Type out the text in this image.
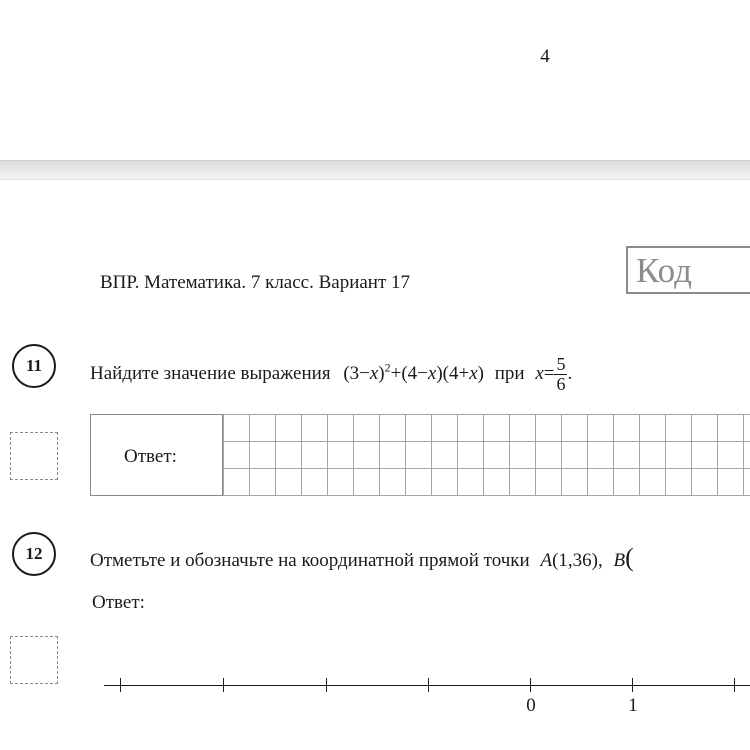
4
ВПР. Математика. 7 класс. Вариант 17	Код
11	Найдите значение выражения $(3-x)^2+(4-x)(4+x)$ при $x= \frac{5}{6}$ .
Ответ:
12	Отметьте и обозначьте на координатной прямой точки A(1,36), B(
Ответ:
0	1
